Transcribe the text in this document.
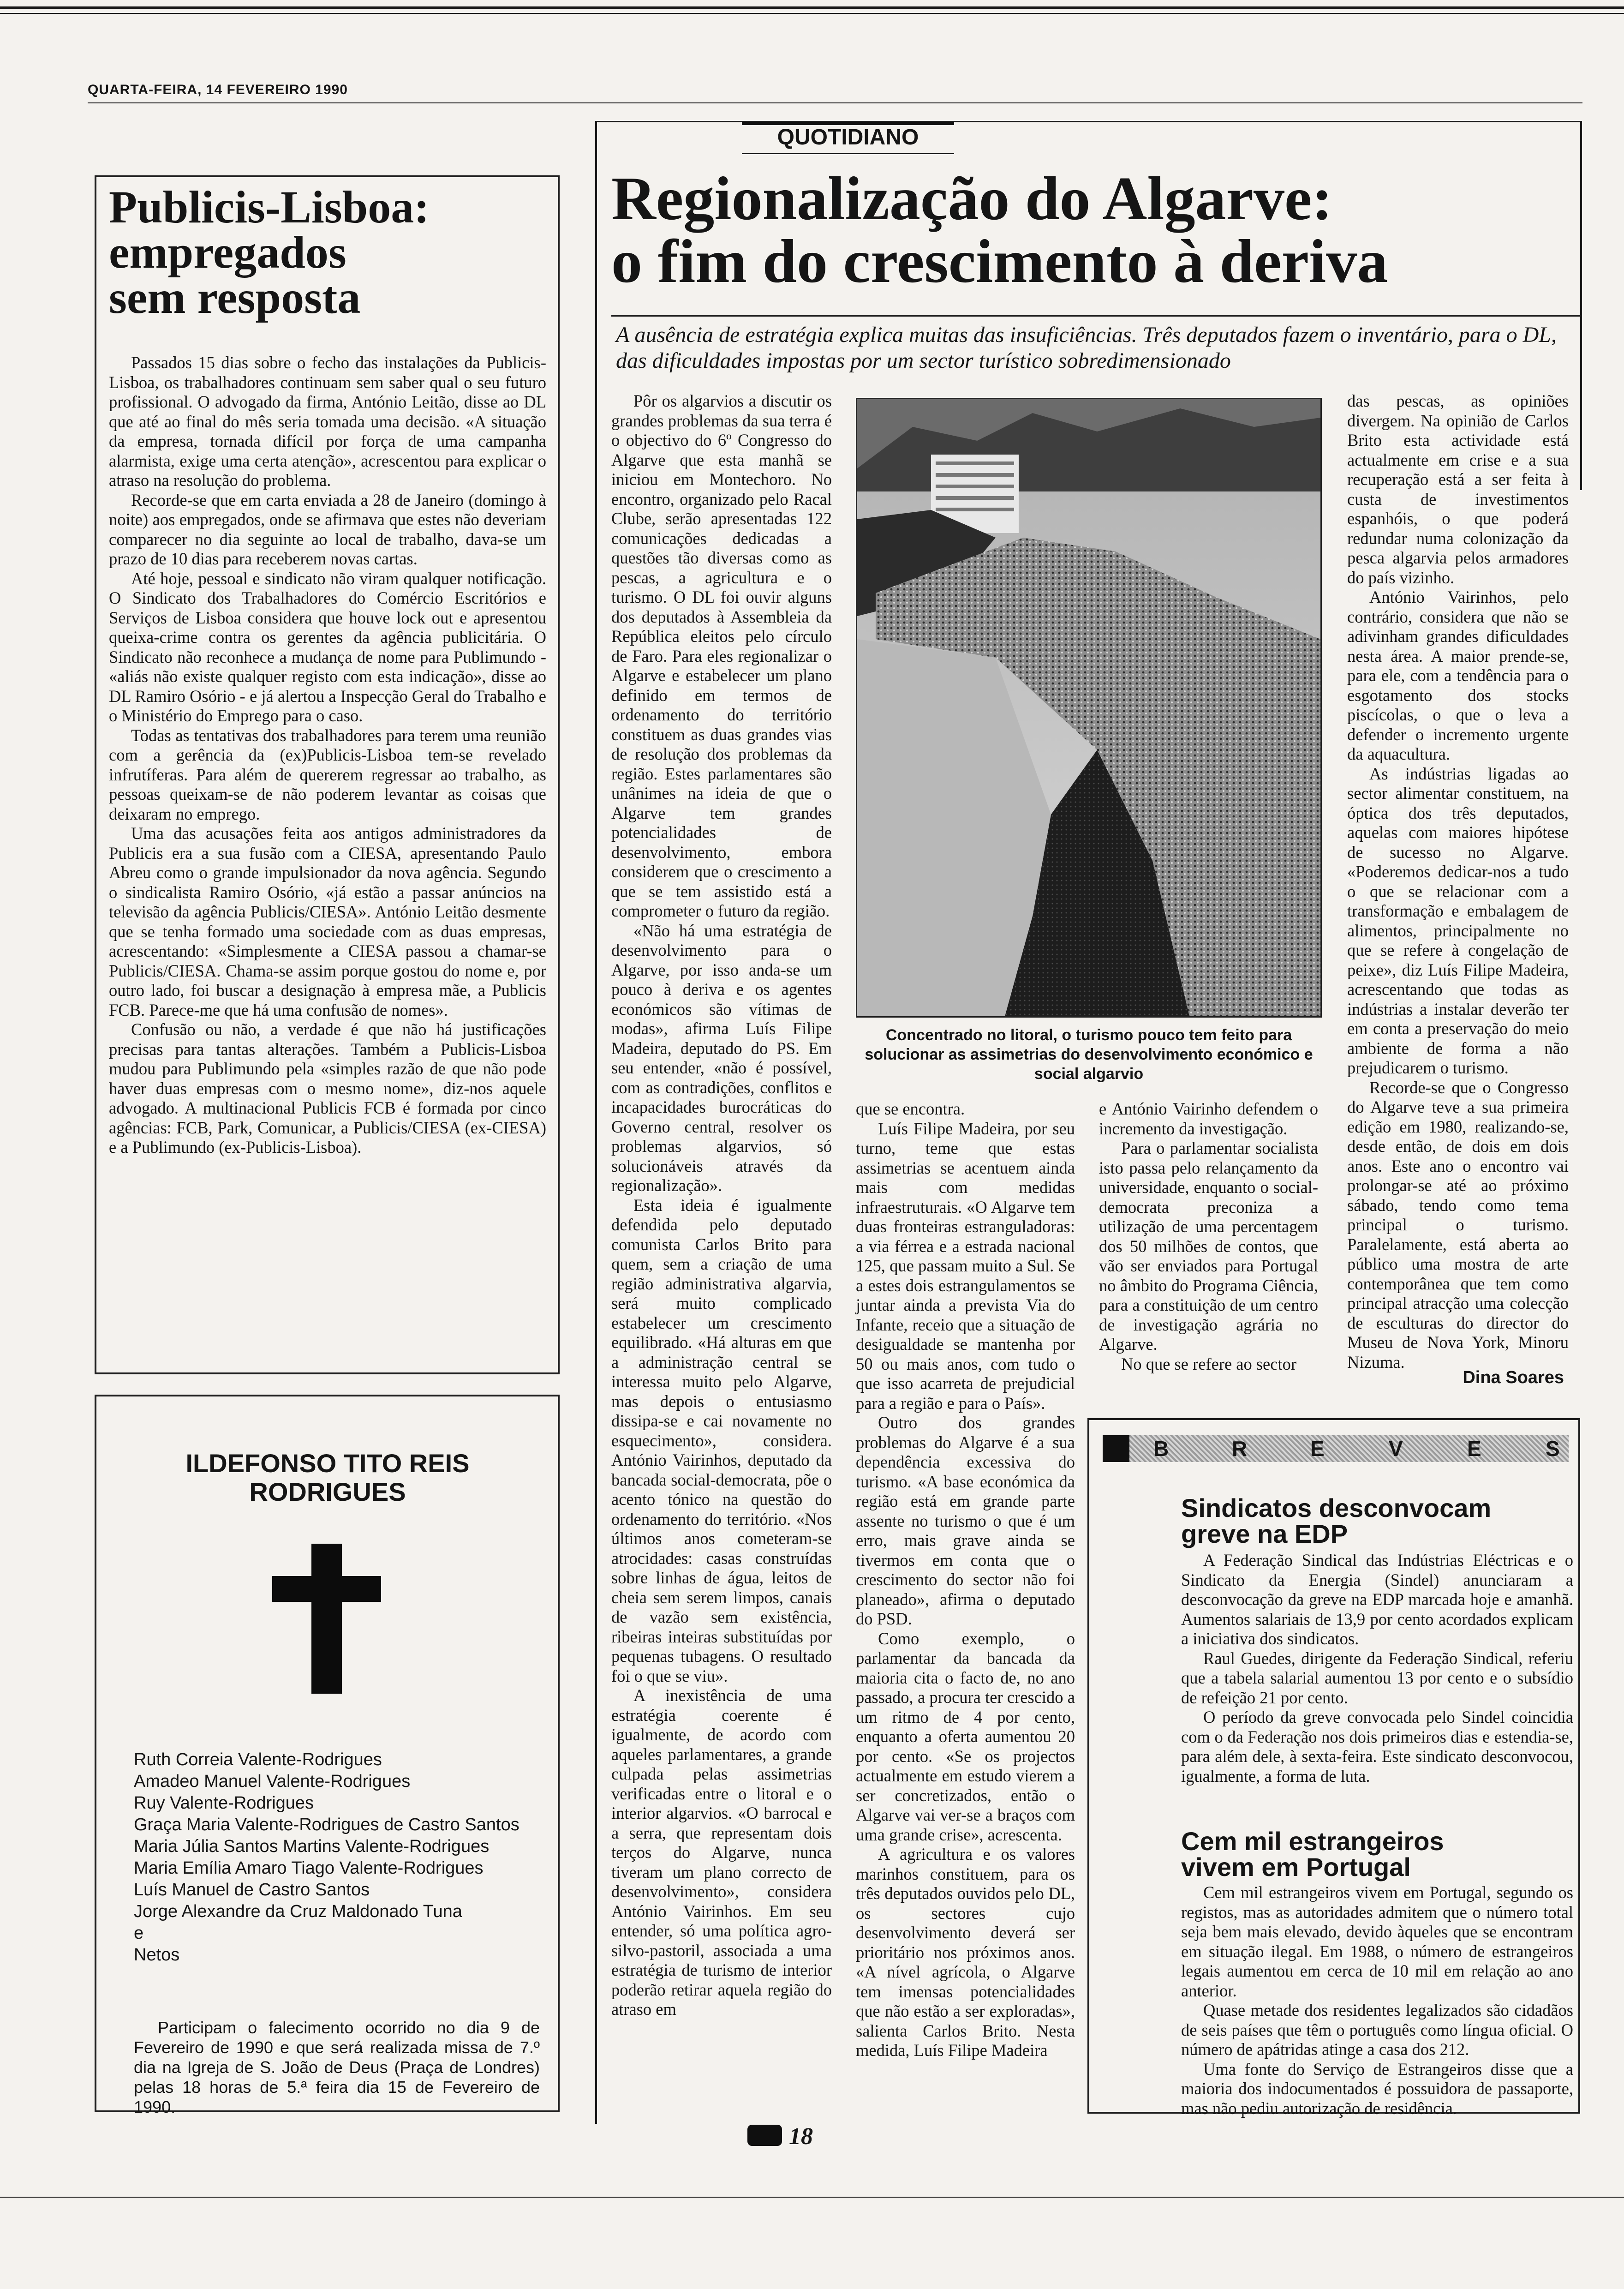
QUARTA-FEIRA, 14 FEVEREIRO 1990
QUOTIDIANO
Publicis-Lisboa:
empregados
sem resposta

Passados 15 dias sobre o fecho das instalações da Publicis-Lisboa, os trabalhadores continuam sem saber qual o seu futuro profissional. O advogado da firma, António Leitão, disse ao DL que até ao final do mês seria tomada uma decisão. «A situação da empresa, tornada difícil por força de uma campanha alarmista, exige uma certa atenção», acrescentou para explicar o atraso na resolução do problema.

Recorde-se que em carta enviada a 28 de Janeiro (domingo à noite) aos empregados, onde se afirmava que estes não deveriam comparecer no dia seguinte ao local de trabalho, dava-se um prazo de 10 dias para receberem novas cartas.

Até hoje, pessoal e sindicato não viram qualquer notificação. O Sindicato dos Trabalhadores do Comércio Escritórios e Serviços de Lisboa considera que houve lock out e apresentou queixa-crime contra os gerentes da agência publicitária. O Sindicato não reconhece a mudança de nome para Publimundo - «aliás não existe qualquer registo com esta indicação», disse ao DL Ramiro Osório - e já alertou a Inspecção Geral do Trabalho e o Ministério do Emprego para o caso.

Todas as tentativas dos trabalhadores para terem uma reunião com a gerência da (ex)Publicis-Lisboa tem-se revelado infrutíferas. Para além de quererem regressar ao trabalho, as pessoas queixam-se de não poderem levantar as coisas que deixaram no emprego.

Uma das acusações feita aos antigos administradores da Publicis era a sua fusão com a CIESA, apresentando Paulo Abreu como o grande impulsionador da nova agência. Segundo o sindicalista Ramiro Osório, «já estão a passar anúncios na televisão da agência Publicis/CIESA». António Leitão desmente que se tenha formado uma sociedade com as duas empresas, acrescentando: «Simplesmente a CIESA passou a chamar-se Publicis/CIESA. Chama-se assim porque gostou do nome e, por outro lado, foi buscar a designação à empresa mãe, a Publicis FCB. Parece-me que há uma confusão de nomes».

Confusão ou não, a verdade é que não há justificações precisas para tantas alterações. Também a Publicis-Lisboa mudou para Publimundo pela «simples razão de que não pode haver duas empresas com o mesmo nome», diz-nos aquele advogado. A multinacional Publicis FCB é formada por cinco agências: FCB, Park, Comunicar, a Publicis/CIESA (ex-CIESA) e a Publimundo (ex-Publicis-Lisboa).

Regionalização do Algarve:
o fim do crescimento à deriva
A ausência de estratégia explica muitas das insuficiências. Três deputados fazem o inventário, para o DL, das dificuldades impostas por um sector turístico sobredimensionado
Concentrado no litoral, o turismo pouco tem feito para solucionar as assimetrias do desenvolvimento económico e social algarvio

Pôr os algarvios a discutir os grandes problemas da sua terra é o objectivo do 6º Congresso do Algarve que esta manhã se iniciou em Montechoro. No encontro, organizado pelo Racal Clube, serão apresentadas 122 comunicações dedicadas a questões tão diversas como as pescas, a agricultura e o turismo. O DL foi ouvir alguns dos deputados à Assembleia da República eleitos pelo círculo de Faro. Para eles regionalizar o Algarve e estabelecer um plano definido em termos de ordenamento do território constituem as duas grandes vias de resolução dos problemas da região. Estes parlamentares são unânimes na ideia de que o Algarve tem grandes potencialidades de desenvolvimento, embora considerem que o crescimento a que se tem assistido está a comprometer o futuro da região.

«Não há uma estratégia de desenvolvimento para o Algarve, por isso anda-se um pouco à deriva e os agentes económicos são vítimas de modas», afirma Luís Filipe Madeira, deputado do PS. Em seu entender, «não é possível, com as contradições, conflitos e incapacidades burocráticas do Governo central, resolver os problemas algarvios, só solucionáveis através da regionalização».

Esta ideia é igualmente defendida pelo deputado comunista Carlos Brito para quem, sem a criação de uma região administrativa algarvia, será muito complicado estabelecer um crescimento equilibrado. «Há alturas em que a administração central se interessa muito pelo Algarve, mas depois o entusiasmo dissipa-se e cai novamente no esquecimento», considera. António Vairinhos, deputado da bancada social-democrata, põe o acento tónico na questão do ordenamento do território. «Nos últimos anos cometeram-se atrocidades: casas construídas sobre linhas de água, leitos de cheia sem serem limpos, canais de vazão sem existência, ribeiras inteiras substituídas por pequenas tubagens. O resultado foi o que se viu».

A inexistência de uma estratégia coerente é igualmente, de acordo com aqueles parlamentares, a grande culpada pelas assimetrias verificadas entre o litoral e o interior algarvios. «O barrocal e a serra, que representam dois terços do Algarve, nunca tiveram um plano correcto de desenvolvimento», considera António Vairinhos. Em seu entender, só uma política agro-silvo-pastoril, associada a uma estratégia de turismo de interior poderão retirar aquela região do atraso em

que se encontra.

Luís Filipe Madeira, por seu turno, teme que estas assimetrias se acentuem ainda mais com medidas infraestruturais. «O Algarve tem duas fronteiras estranguladoras: a via férrea e a estrada nacional 125, que passam muito a Sul. Se a estes dois estrangulamentos se juntar ainda a prevista Via do Infante, receio que a situação de desigualdade se mantenha por 50 ou mais anos, com tudo o que isso acarreta de prejudicial para a região e para o País».

Outro dos grandes problemas do Algarve é a sua dependência excessiva do turismo. «A base económica da região está em grande parte assente no turismo o que é um erro, mais grave ainda se tivermos em conta que o crescimento do sector não foi planeado», afirma o deputado do PSD.

Como exemplo, o parlamentar da bancada da maioria cita o facto de, no ano passado, a procura ter crescido a um ritmo de 4 por cento, enquanto a oferta aumentou 20 por cento. «Se os projectos actualmente em estudo vierem a ser concretizados, então o Algarve vai ver-se a braços com uma grande crise», acrescenta.

A agricultura e os valores marinhos constituem, para os três deputados ouvidos pelo DL, os sectores cujo desenvolvimento deverá ser prioritário nos próximos anos. «A nível agrícola, o Algarve tem imensas potencialidades que não estão a ser exploradas», salienta Carlos Brito. Nesta medida, Luís Filipe Madeira

e António Vairinho defendem o incremento da investigação.

Para o parlamentar socialista isto passa pelo relançamento da universidade, enquanto o social-democrata preconiza a utilização de uma percentagem dos 50 milhões de contos, que vão ser enviados para Portugal no âmbito do Programa Ciência, para a constituição de um centro de investigação agrária no Algarve.

No que se refere ao sector

das pescas, as opiniões divergem. Na opinião de Carlos Brito esta actividade está actualmente em crise e a sua recuperação está a ser feita à custa de investimentos espanhóis, o que poderá redundar numa colonização da pesca algarvia pelos armadores do país vizinho.

António Vairinhos, pelo contrário, considera que não se adivinham grandes dificuldades nesta área. A maior prende-se, para ele, com a tendência para o esgotamento dos stocks piscícolas, o que o leva a defender o incremento urgente da aquacultura.

As indústrias ligadas ao sector alimentar constituem, na óptica dos três deputados, aquelas com maiores hipótese de sucesso no Algarve. «Poderemos dedicar-nos a tudo o que se relacionar com a transformação e embalagem de alimentos, principalmente no que se refere à congelação de peixe», diz Luís Filipe Madeira, acrescentando que todas as indústrias a instalar deverão ter em conta a preservação do meio ambiente de forma a não prejudicarem o turismo.

Recorde-se que o Congresso do Algarve teve a sua primeira edição em 1980, realizando-se, desde então, de dois em dois anos. Este ano o encontro vai prolongar-se até ao próximo sábado, tendo como tema principal o turismo. Paralelamente, está aberta ao público uma mostra de arte contemporânea que tem como principal atracção uma colecção de esculturas do director do Museu de Nova York, Minoru Nizuma.

Dina Soares
ILDEFONSO TITO REIS
RODRIGUES
Ruth Correia Valente-Rodrigues
Amadeo Manuel Valente-Rodrigues
Ruy Valente-Rodrigues
Graça Maria Valente-Rodrigues de Castro Santos
Maria Júlia Santos Martins Valente-Rodrigues
Maria Emília Amaro Tiago Valente-Rodrigues
Luís Manuel de Castro Santos
Jorge Alexandre da Cruz Maldonado Tuna
e
Netos
Participam o falecimento ocorrido no dia 9 de Fevereiro de 1990 e que será realizada missa de 7.º dia na Igreja de S. João de Deus (Praça de Londres) pelas 18 horas de 5.ª feira dia 15 de Fevereiro de 1990.
B	R	E	V	E	S
Sindicatos desconvocam
greve na EDP

A Federação Sindical das Indústrias Eléctricas e o Sindicato da Energia (Sindel) anunciaram a desconvocação da greve na EDP marcada hoje e amanhã. Aumentos salariais de 13,9 por cento acordados explicam a iniciativa dos sindicatos.

Raul Guedes, dirigente da Federação Sindical, referiu que a tabela salarial aumentou 13 por cento e o subsídio de refeição 21 por cento.

O período da greve convocada pelo Sindel coincidia com o da Federação nos dois primeiros dias e estendia-se, para além dele, à sexta-feira. Este sindicato desconvocou, igualmente, a forma de luta.

Cem mil estrangeiros
vivem em Portugal

Cem mil estrangeiros vivem em Portugal, segundo os registos, mas as autoridades admitem que o número total seja bem mais elevado, devido àqueles que se encontram em situação ilegal. Em 1988, o número de estrangeiros legais aumentou em cerca de 10 mil em relação ao ano anterior.

Quase metade dos residentes legalizados são cidadãos de seis países que têm o português como língua oficial. O número de apátridas atinge a casa dos 212.

Uma fonte do Serviço de Estrangeiros disse que a maioria dos indocumentados é possuidora de passaporte, mas não pediu autorização de residência.

18
